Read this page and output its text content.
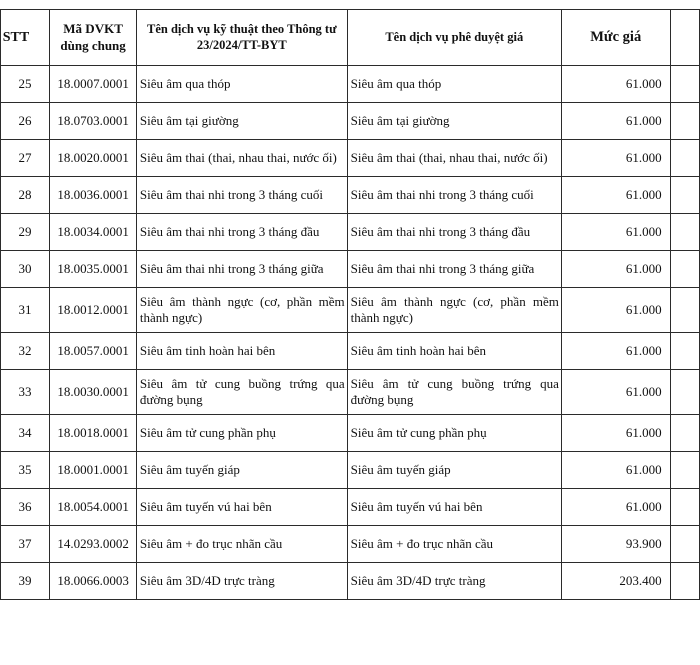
	STT	Mã DVKT dùng chung	Tên dịch vụ kỹ thuật theo Thông tư 23/2024/TT-BYT	Tên dịch vụ phê duyệt giá	Mức giá	
	25	18.0007.0001	Siêu âm qua thóp	Siêu âm qua thóp	61.000	
	26	18.0703.0001	Siêu âm tại giường	Siêu âm tại giường	61.000	
	27	18.0020.0001	Siêu âm thai (thai, nhau thai, nước ối)	Siêu âm thai (thai, nhau thai, nước ối)	61.000	
	28	18.0036.0001	Siêu âm thai nhi trong 3 tháng cuối	Siêu âm thai nhi trong 3 tháng cuối	61.000	
	29	18.0034.0001	Siêu âm thai nhi trong 3 tháng đầu	Siêu âm thai nhi trong 3 tháng đầu	61.000	
	30	18.0035.0001	Siêu âm thai nhi trong 3 tháng giữa	Siêu âm thai nhi trong 3 tháng giữa	61.000	
	31	18.0012.0001	Siêu âm thành ngực (cơ, phần mềm thành ngực)	Siêu âm thành ngực (cơ, phần mềm thành ngực)	61.000	
	32	18.0057.0001	Siêu âm tinh hoàn hai bên	Siêu âm tinh hoàn hai bên	61.000	
	33	18.0030.0001	Siêu âm tử cung buồng trứng qua đường bụng	Siêu âm tử cung buồng trứng qua đường bụng	61.000	
	34	18.0018.0001	Siêu âm tử cung phần phụ	Siêu âm tử cung phần phụ	61.000	
	35	18.0001.0001	Siêu âm tuyến giáp	Siêu âm tuyến giáp	61.000	
	36	18.0054.0001	Siêu âm tuyến vú hai bên	Siêu âm tuyến vú hai bên	61.000	
	37	14.0293.0002	Siêu âm + đo trục nhãn cầu	Siêu âm + đo trục nhãn cầu	93.900	
	39	18.0066.0003	Siêu âm 3D/4D trực tràng	Siêu âm 3D/4D trực tràng	203.400	
